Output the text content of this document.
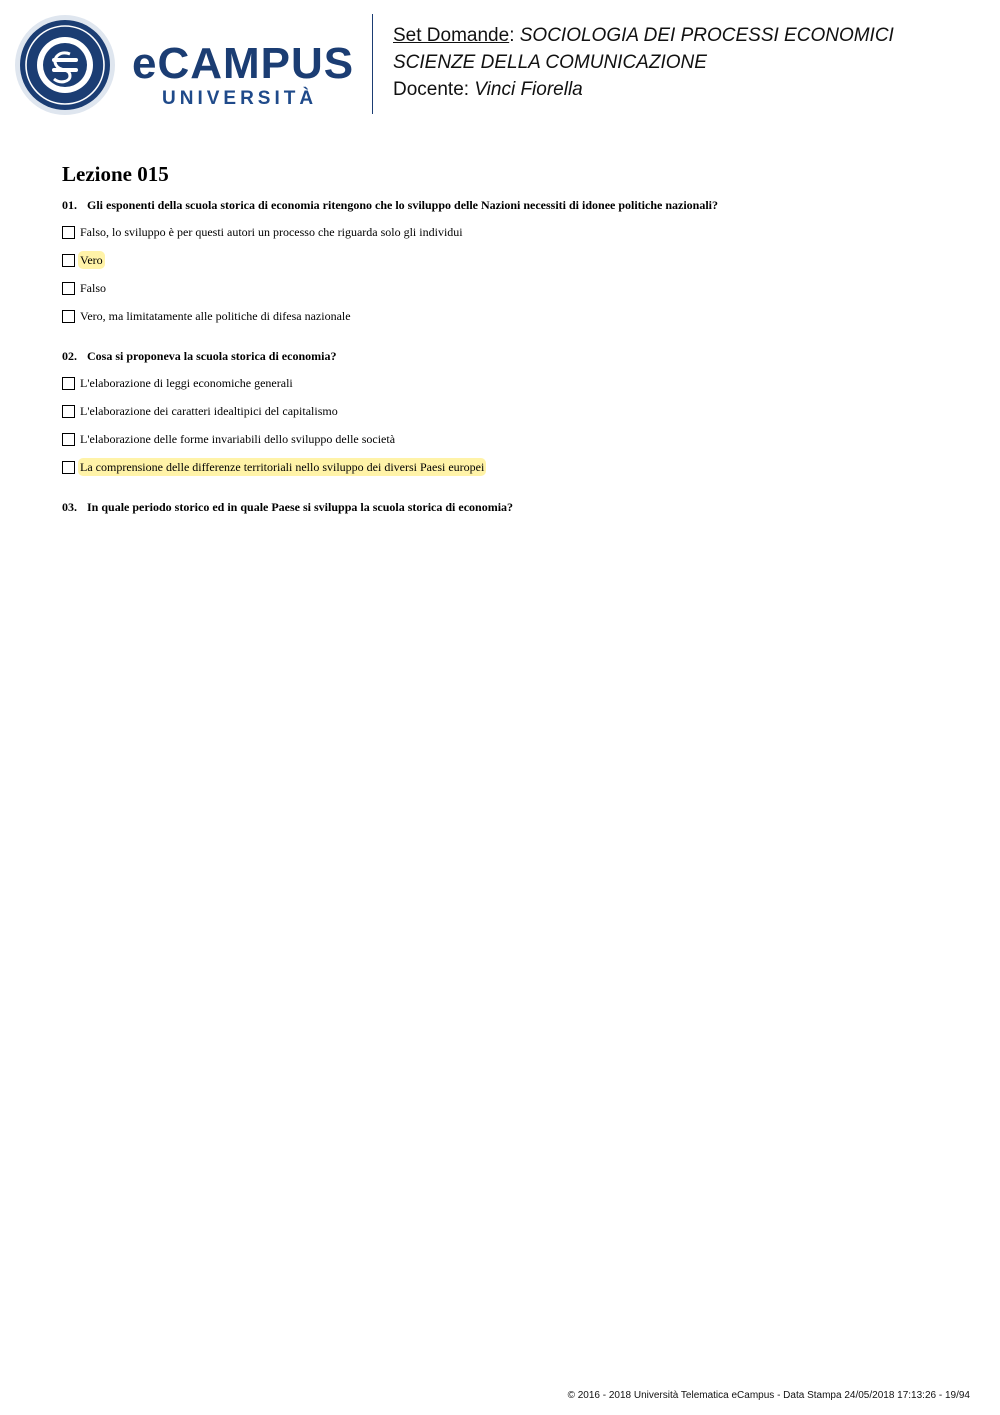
eCAMPUS
UNIVERSITÀ
Set Domande: SOCIOLOGIA DEI PROCESSI ECONOMICI
SCIENZE DELLA COMUNICAZIONE
Docente: Vinci Fiorella
Lezione 015
01. Gli esponenti della scuola storica di economia ritengono che lo sviluppo delle Nazioni necessiti di idonee politiche nazionali?
Falso, lo sviluppo è per questi autori un processo che riguarda solo gli individui
Vero
Falso
Vero, ma limitatamente alle politiche di difesa nazionale
02. Cosa si proponeva la scuola storica di economia?
L'elaborazione di leggi economiche generali
L'elaborazione dei caratteri idealtipici del capitalismo
L'elaborazione delle forme invariabili dello sviluppo delle società
La comprensione delle differenze territoriali nello sviluppo dei diversi Paesi europei
03. In quale periodo storico ed in quale Paese si sviluppa la scuola storica di economia?
© 2016 - 2018 Università Telematica eCampus - Data Stampa 24/05/2018 17:13:26 - 19/94
